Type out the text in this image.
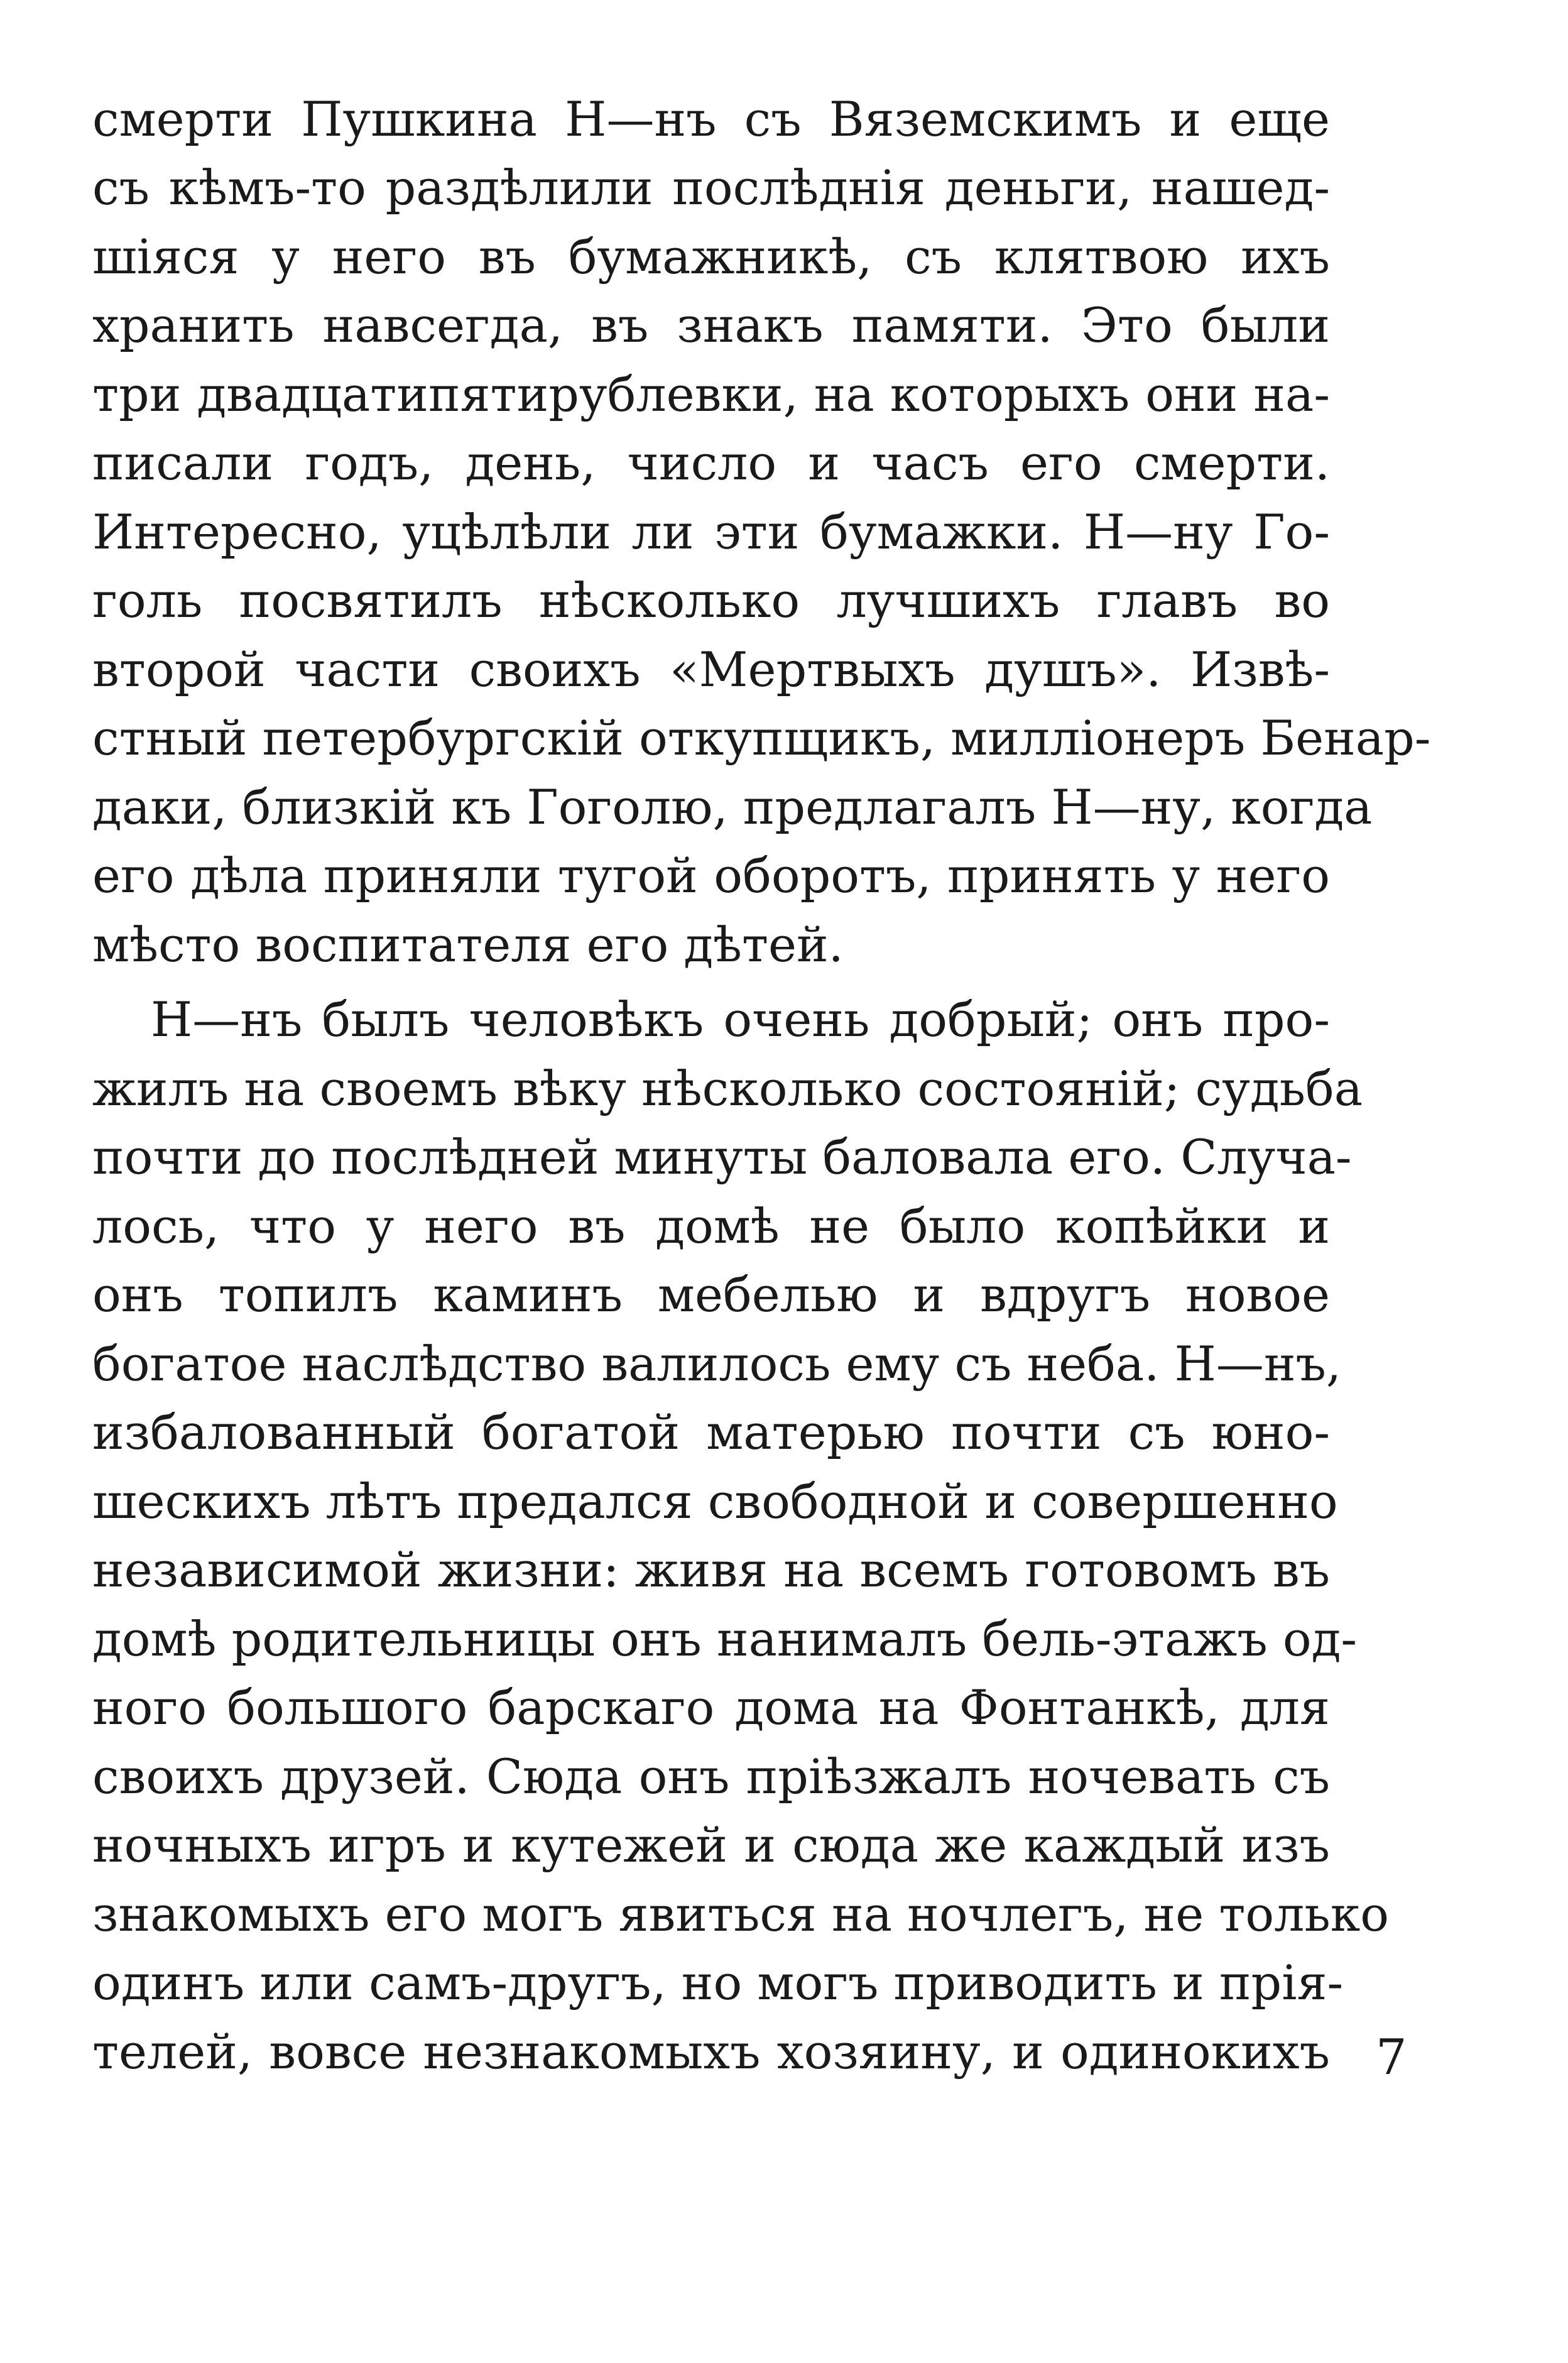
смерти Пушкина Н—нъ съ Вяземскимъ и еще
съ кѣмъ-то раздѣлили послѣднія деньги, нашед-
шіяся у него въ бумажникѣ, съ клятвою ихъ
хранить навсегда, въ знакъ памяти. Это были
три двадцатипятирублевки, на которыхъ они на-
писали годъ, день, число и часъ его смерти.
Интересно, уцѣлѣли ли эти бумажки. Н—ну Го-
голь посвятилъ нѣсколько лучшихъ главъ во
второй части своихъ «Мертвыхъ душъ». Извѣ-
стный петербургскій откупщикъ, милліонеръ Бенар-
даки, близкій къ Гоголю, предлагалъ Н—ну, когда
его дѣла приняли тугой оборотъ, принять у него
мѣсто воспитателя его дѣтей.
Н—нъ былъ человѣкъ очень добрый; онъ про-
жилъ на своемъ вѣку нѣсколько состояній; судьба
почти до послѣдней минуты баловала его. Случа-
лось, что у него въ домѣ не было копѣйки и
онъ топилъ каминъ мебелью и вдругъ новое
богатое наслѣдство валилось ему съ неба. Н—нъ,
избалованный богатой матерью почти съ юно-
шескихъ лѣтъ предался свободной и совершенно
независимой жизни: живя на всемъ готовомъ въ
домѣ родительницы онъ нанималъ бель-этажъ од-
ного большого барскаго дома на Фонтанкѣ, для
своихъ друзей. Сюда онъ пріѣзжалъ ночевать съ
ночныхъ игръ и кутежей и сюда же каждый изъ
знакомыхъ его могъ явиться на ночлегъ, не только
одинъ или самъ-другъ, но могъ приводить и прія-
телей, вовсе незнакомыхъ хозяину, и одинокихъ 7
